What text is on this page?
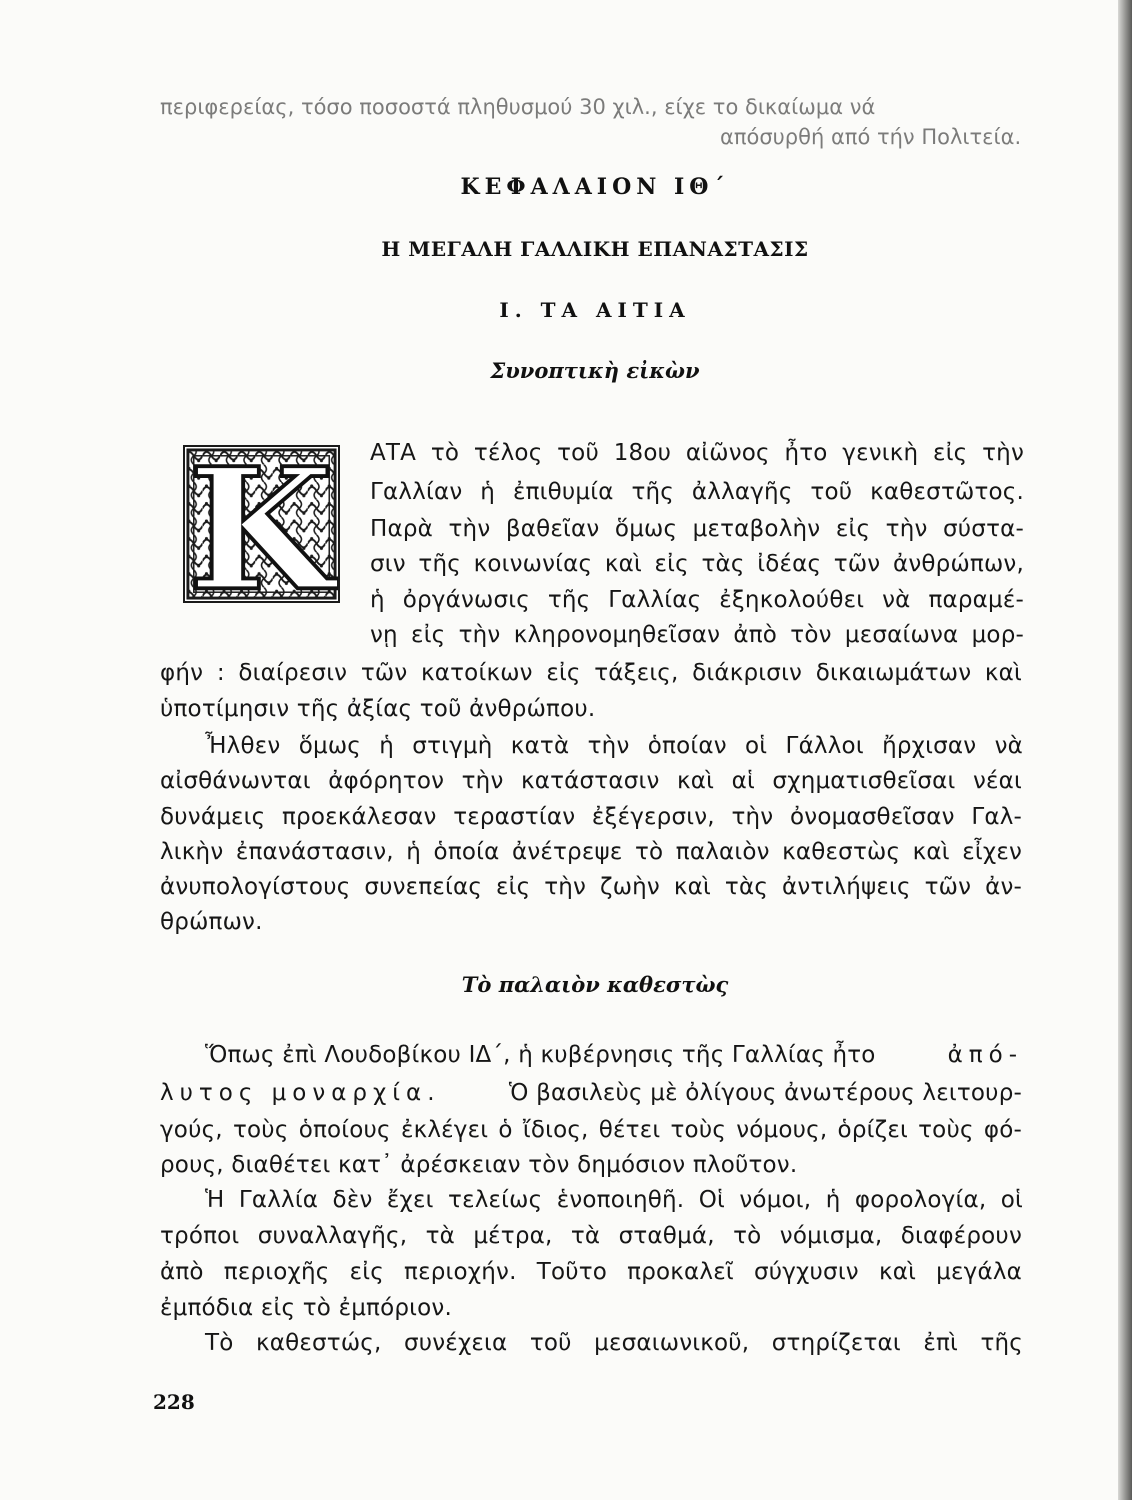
περιφερείας, τόσο ποσοστά πληθυσμού 30 χιλ., είχε το δικαίωμα νά
απόσυρθή από τήν Πολιτεία.
ΚΕΦΑΛΑΙΟΝ ΙΘ΄
Η ΜΕΓΑΛΗ ΓΑΛΛΙΚΗ ΕΠΑΝΑΣΤΑΣΙΣ
Ι. ΤΑ ΑΙΤΙΑ
Συνοπτικὴ εἰκὼν
K ΑΤΑ τὸ τέλος τοῦ 18ου αἰῶνος ἦτο γενικὴ εἰς τὴν
Γαλλίαν ἡ ἐπιθυμία τῆς ἀλλαγῆς τοῦ καθεστῶτος.
Παρὰ τὴν βαθεῖαν ὅμως μεταβολὴν εἰς τὴν σύστα-
σιν τῆς κοινωνίας καὶ εἰς τὰς ἰδέας τῶν ἀνθρώπων,
ἡ ὀργάνωσις τῆς Γαλλίας ἐξηκολούθει νὰ παραμέ-
νῃ εἰς τὴν κληρονομηθεῖσαν ἀπὸ τὸν μεσαίωνα μορ-
φήν : διαίρεσιν τῶν κατοίκων εἰς τάξεις, διάκρισιν δικαιωμάτων καὶ
ὑποτίμησιν τῆς ἀξίας τοῦ ἀνθρώπου.
Ἦλθεν ὅμως ἡ στιγμὴ κατὰ τὴν ὁποίαν οἱ Γάλλοι ἤρχισαν νὰ
αἰσθάνωνται ἀφόρητον τὴν κατάστασιν καὶ αἱ σχηματισθεῖσαι νέαι
δυνάμεις προεκάλεσαν τεραστίαν ἐξέγερσιν, τὴν ὀνομασθεῖσαν Γαλ-
λικὴν ἐπανάστασιν, ἡ ὁποία ἀνέτρεψε τὸ παλαιὸν καθεστὼς καὶ εἶχεν
ἀνυπολογίστους συνεπείας εἰς τὴν ζωὴν καὶ τὰς ἀντιλήψεις τῶν ἀν-
θρώπων.
Τὸ παλαιὸν καθεστὼς
Ὅπως ἐπὶ Λουδοβίκου ΙΔ΄, ἡ κυβέρνησις τῆς Γαλλίας ἦτο	ἀπό-
λυτος μοναρχία.	Ὁ βασιλεὺς μὲ ὀλίγους ἀνωτέρους λειτουρ-
γούς, τοὺς ὁποίους ἐκλέγει ὁ ἴδιος, θέτει τοὺς νόμους, ὁρίζει τοὺς φό-
ρους, διαθέτει κατ᾿ ἀρέσκειαν τὸν δημόσιον πλοῦτον.
Ἡ Γαλλία δὲν ἔχει τελείως ἑνοποιηθῆ. Οἱ νόμοι, ἡ φορολογία, οἱ
τρόποι συναλλαγῆς, τὰ μέτρα, τὰ σταθμά, τὸ νόμισμα, διαφέρουν
ἀπὸ περιοχῆς εἰς περιοχήν. Τοῦτο προκαλεῖ σύγχυσιν καὶ μεγάλα
ἐμπόδια εἰς τὸ ἐμπόριον.
Τὸ καθεστώς, συνέχεια τοῦ μεσαιωνικοῦ, στηρίζεται ἐπὶ τῆς
228
